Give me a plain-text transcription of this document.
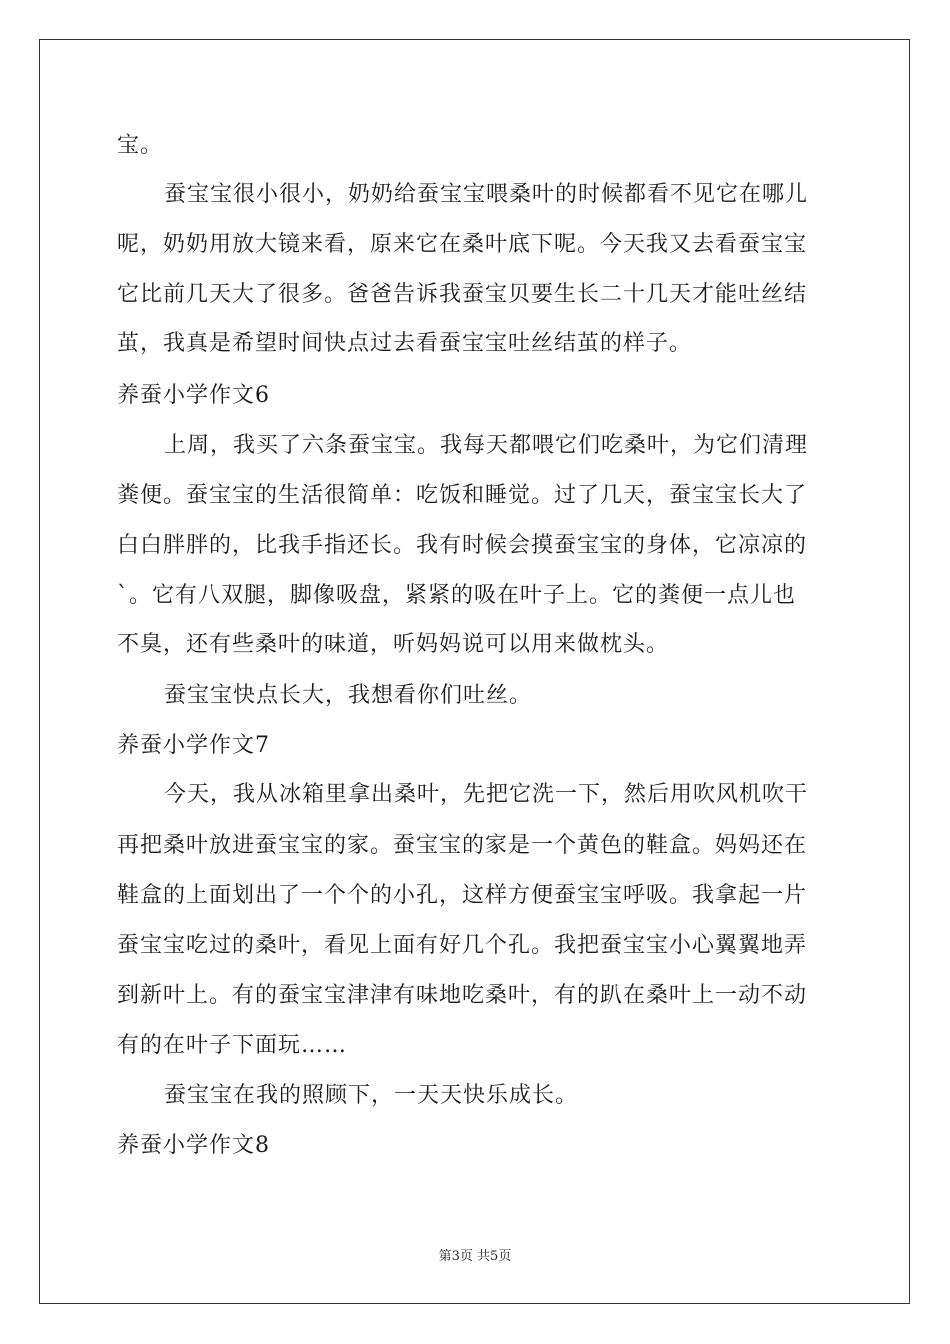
宝。
蚕宝宝很小很小，奶奶给蚕宝宝喂桑叶的时候都看不见它在哪儿
呢，奶奶用放大镜来看，原来它在桑叶底下呢。今天我又去看蚕宝宝
它比前几天大了很多。爸爸告诉我蚕宝贝要生长二十几天才能吐丝结
茧，我真是希望时间快点过去看蚕宝宝吐丝结茧的样子。
养蚕小学作文6
上周，我买了六条蚕宝宝。我每天都喂它们吃桑叶，为它们清理
粪便。蚕宝宝的生活很简单：吃饭和睡觉。过了几天，蚕宝宝长大了
白白胖胖的，比我手指还长。我有时候会摸蚕宝宝的身体，它凉凉的
`。它有八双腿，脚像吸盘，紧紧的吸在叶子上。它的粪便一点儿也
不臭，还有些桑叶的味道，听妈妈说可以用来做枕头。
蚕宝宝快点长大，我想看你们吐丝。
养蚕小学作文7
今天，我从冰箱里拿出桑叶，先把它洗一下，然后用吹风机吹干
再把桑叶放进蚕宝宝的家。蚕宝宝的家是一个黄色的鞋盒。妈妈还在
鞋盒的上面划出了一个个的小孔，这样方便蚕宝宝呼吸。我拿起一片
蚕宝宝吃过的桑叶，看见上面有好几个孔。我把蚕宝宝小心翼翼地弄
到新叶上。有的蚕宝宝津津有味地吃桑叶，有的趴在桑叶上一动不动
有的在叶子下面玩……
蚕宝宝在我的照顾下，一天天快乐成长。
养蚕小学作文8
第3页 共5页
